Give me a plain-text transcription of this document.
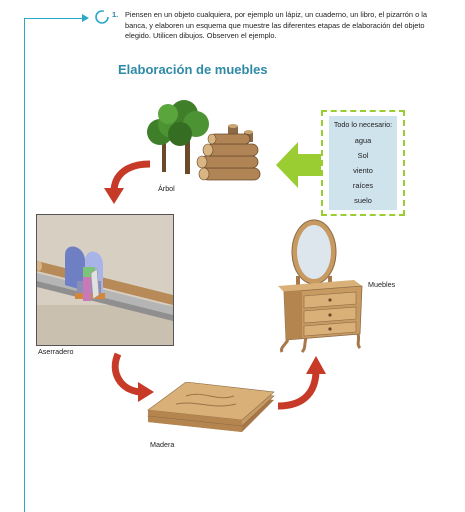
1. Piensen en un objeto cualquiera, por ejemplo un lápiz, un cuaderno, un libro, el pizarrón o la banca, y elaboren un esquema que muestre las diferentes etapas de elaboración del objeto elegido. Utilicen dibujos. Observen el ejemplo.
Elaboración de muebles
Árbol
Todo lo necesario:
agua
Sol
viento
raíces
suelo
Aserradero
Madera
Muebles
